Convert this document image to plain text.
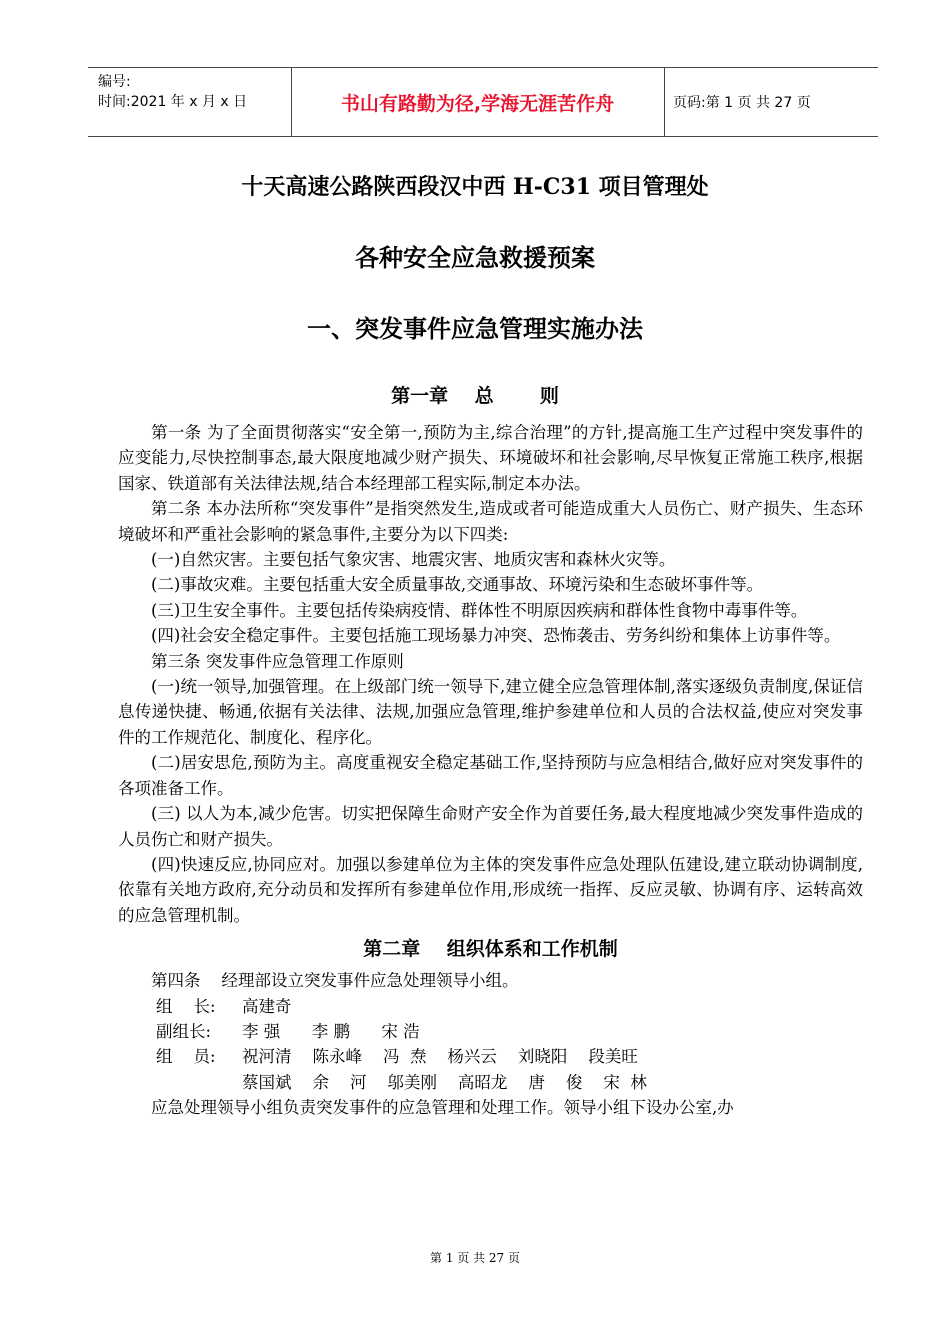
编号:
时间:2021 年 x 月 x 日	书山有路勤为径,学海无涯苦作舟	页码:第 1 页 共 27 页
十天高速公路陕西段汉中西 H-C31 项目管理处
各种安全应急救援预案
一、突发事件应急管理实施办法
第一章    总       则

第一条 为了全面贯彻落实“安全第一,预防为主,综合治理”的方针,提高施工生产过程中突发事件的应变能力,尽快控制事态,最大限度地减少财产损失、环境破坏和社会影响,尽早恢复正常施工秩序,根据国家、铁道部有关法律法规,结合本经理部工程实际,制定本办法。

第二条 本办法所称“突发事件”是指突然发生,造成或者可能造成重大人员伤亡、财产损失、生态环境破坏和严重社会影响的紧急事件,主要分为以下四类:

(一)自然灾害。主要包括气象灾害、地震灾害、地质灾害和森林火灾等。

(二)事故灾难。主要包括重大安全质量事故,交通事故、环境污染和生态破坏事件等。

(三)卫生安全事件。主要包括传染病疫情、群体性不明原因疾病和群体性食物中毒事件等。

(四)社会安全稳定事件。主要包括施工现场暴力冲突、恐怖袭击、劳务纠纷和集体上访事件等。

第三条 突发事件应急管理工作原则

(一)统一领导,加强管理。在上级部门统一领导下,建立健全应急管理体制,落实逐级负责制度,保证信息传递快捷、畅通,依据有关法律、法规,加强应急管理,维护参建单位和人员的合法权益,使应对突发事件的工作规范化、制度化、程序化。

(二)居安思危,预防为主。高度重视安全稳定基础工作,坚持预防与应急相结合,做好应对突发事件的各项准备工作。

(三) 以人为本,减少危害。切实把保障生命财产安全作为首要任务,最大程度地减少突发事件造成的人员伤亡和财产损失。

(四)快速反应,协同应对。加强以参建单位为主体的突发事件应急处理队伍建设,建立联动协调制度,依靠有关地方政府,充分动员和发挥所有参建单位作用,形成统一指挥、反应灵敏、协调有序、运转高效的应急管理机制。

第二章    组织体系和工作机制

第四条    经理部设立突发事件应急处理领导小组。

组    长:	高建奇
副组长:	李 强      李 鹏      宋 浩
组    员:	祝河清    陈永峰    冯  焘    杨兴云    刘晓阳    段美旺
蔡国斌    余    河    邬美刚    高昭龙    唐    俊    宋  林

应急处理领导小组负责突发事件的应急管理和处理工作。领导小组下设办公室,办

第 1 页 共 27 页
